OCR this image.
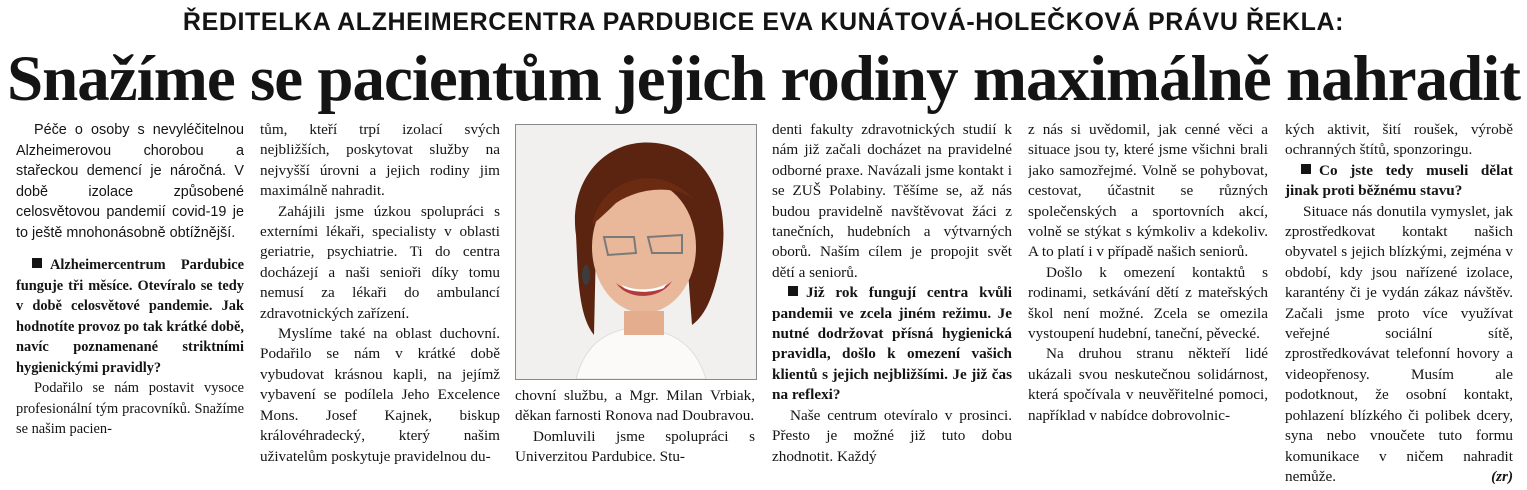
ŘEDITELKA ALZHEIMERCENTRA PARDUBICE EVA KUNÁTOVÁ-HOLEČKOVÁ PRÁVU ŘEKLA:
Snažíme se pacientům jejich rodiny maximálně nahradit

Péče o osoby s nevyléčitelnou Alzheimerovou chorobou a stařeckou demencí je náročná. V době izolace způsobené celosvětovou pandemií covid-19 je to ještě mnohonásobně obtížnější.

Alzheimercentrum Pardubice funguje tři měsíce. Otevíralo se tedy v době celosvětové pandemie. Jak hodnotíte provoz po tak krátké době, navíc poznamenané striktními hygienickými pravidly?

Podařilo se nám postavit vysoce profesionální tým pracovníků. Snažíme se našim pacien-

tům, kteří trpí izolací svých nejbližších, poskytovat služby na nejvyšší úrovni a jejich rodiny jim maximálně nahradit.

Zahájili jsme úzkou spolupráci s externími lékaři, specialisty v oblasti geriatrie, psychiatrie. Ti do centra docházejí a naši senioři díky tomu nemusí za lékaři do ambulancí zdravotnických zařízení.

Myslíme také na oblast duchovní. Podařilo se nám v krátké době vybudovat krásnou kapli, na jejímž vybavení se podílela Jeho Excelence Mons. Josef Kajnek, biskup královéhradecký, který našim uživatelům poskytuje pravidelnou du-

chovní službu, a Mgr. Milan Vrbiak, děkan farnosti Ronova nad Doubravou.

Domluvili jsme spolupráci s Univerzitou Pardubice. Stu-

denti fakulty zdravotnických studií k nám již začali docházet na pravidelné odborné praxe. Navázali jsme kontakt i se ZUŠ Polabiny. Těšíme se, až nás budou pravidelně navštěvovat žáci z tanečních, hudebních a výtvarných oborů. Naším cílem je propojit svět dětí a seniorů.

Již rok fungují centra kvůli pandemii ve zcela jiném režimu. Je nutné dodržovat přísná hygienická pravidla, došlo k omezení vašich klientů s jejich nejbližšími. Je již čas na reflexi?

Naše centrum otevíralo v prosinci. Přesto je možné již tuto dobu zhodnotit. Každý

z nás si uvědomil, jak cenné věci a situace jsou ty, které jsme všichni brali jako samozřejmé. Volně se pohybovat, cestovat, účastnit se různých společenských a sportovních akcí, volně se stýkat s kýmkoliv a kdekoliv. A to platí i v případě našich seniorů.

Došlo k omezení kontaktů s rodinami, setkávání dětí z mateřských škol není možné. Zcela se omezila vystoupení hudební, taneční, pěvecké.

Na druhou stranu někteří lidé ukázali svou neskutečnou solidárnost, která spočívala v neuvěřitelné pomoci, například v nabídce dobrovolnic-

kých aktivit, šití roušek, výrobě ochranných štítů, sponzoringu.

Co jste tedy museli dělat jinak proti běžnému stavu?

Situace nás donutila vymyslet, jak zprostředkovat kontakt našich obyvatel s jejich blízkými, zejména v období, kdy jsou nařízené izolace, karantény či je vydán zákaz návštěv. Začali jsme proto více využívat veřejné sociální sítě, zprostředkovávat telefonní hovory a videopřenosy. Musím ale podotknout, že osobní kontakt, pohlazení blízkého či polibek dcery, syna nebo vnoučete tuto formu komunikace v ničem nahradit nemůže.	(zr)
